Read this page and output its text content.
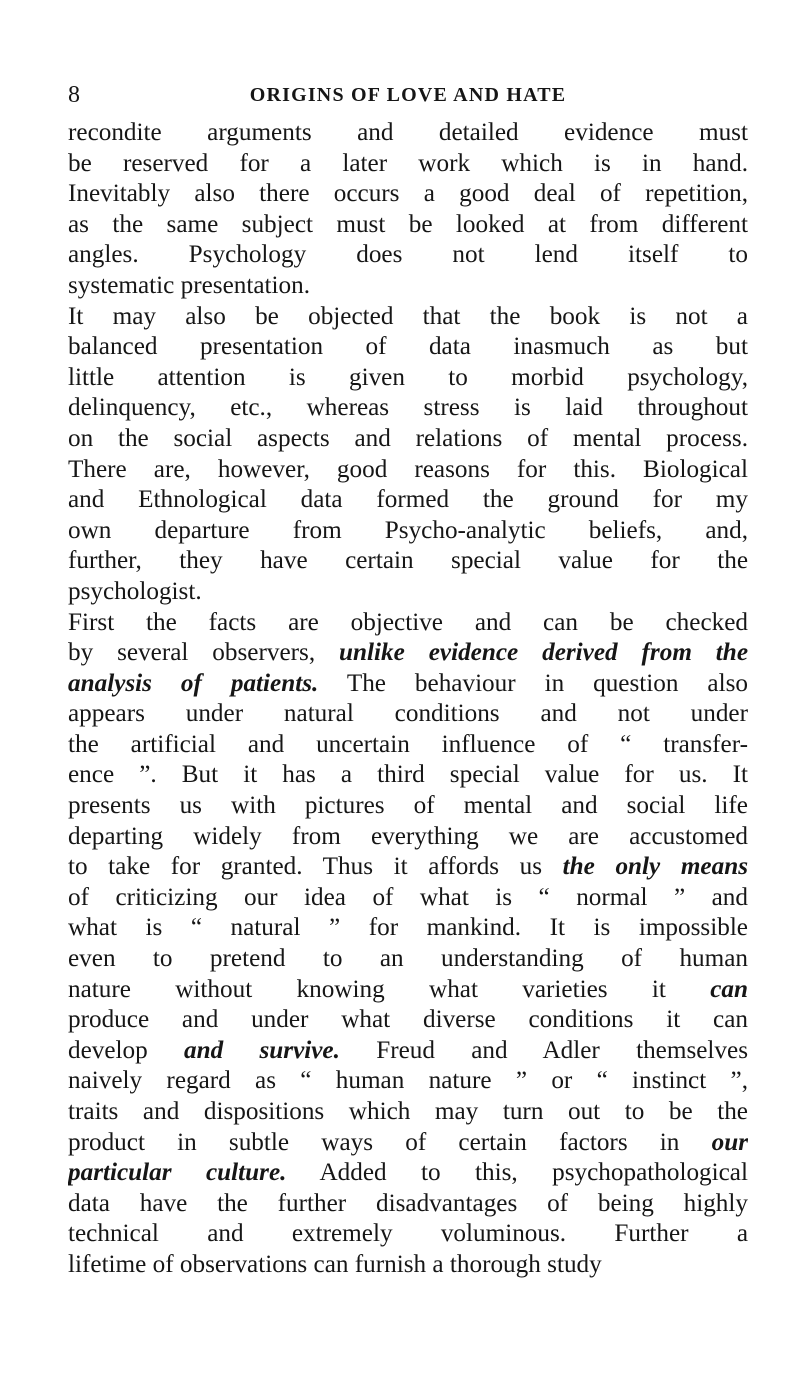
8	ORIGINS OF LOVE AND HATE
recondite arguments and detailed evidence must
be reserved for a later work which is in hand.
Inevitably also there occurs a good deal of repetition,
as the same subject must be looked at from different
angles. Psychology does not lend itself to
systematic presentation.
It may also be objected that the book is not a
balanced presentation of data inasmuch as but
little attention is given to morbid psychology,
delinquency, etc., whereas stress is laid throughout
on the social aspects and relations of mental process.
There are, however, good reasons for this. Biological
and Ethnological data formed the ground for my
own departure from Psycho-analytic beliefs, and,
further, they have certain special value for the
psychologist.
First the facts are objective and can be checked
by several observers, unlike evidence derived from the
analysis of patients. The behaviour in question also
appears under natural conditions and not under
the artificial and uncertain influence of “ transfer-
ence ”. But it has a third special value for us. It
presents us with pictures of mental and social life
departing widely from everything we are accustomed
to take for granted. Thus it affords us the only means
of criticizing our idea of what is “ normal ” and
what is “ natural ” for mankind. It is impossible
even to pretend to an understanding of human
nature without knowing what varieties it can
produce and under what diverse conditions it can
develop and survive. Freud and Adler themselves
naively regard as “ human nature ” or “ instinct ”,
traits and dispositions which may turn out to be the
product in subtle ways of certain factors in our
particular culture. Added to this, psychopathological
data have the further disadvantages of being highly
technical and extremely voluminous. Further a
lifetime of observations can furnish a thorough study
